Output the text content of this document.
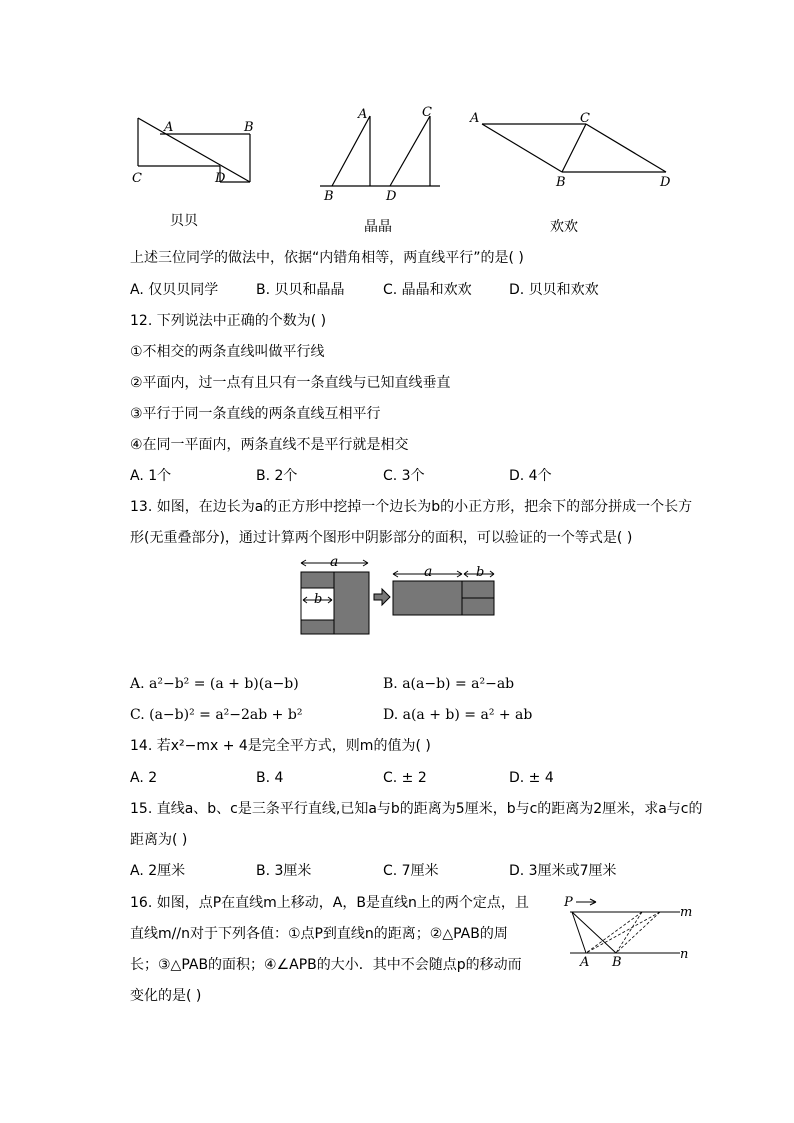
A	B
C	D
A	C
B	D
A	C
B	D
贝贝	晶晶	欢欢
上述三位同学的做法中，依据“内错角相等，两直线平行”的是( )
A. 仅贝贝同学	B. 贝贝和晶晶	C. 晶晶和欢欢	D. 贝贝和欢欢
12. 下列说法中正确的个数为( )
①不相交的两条直线叫做平行线
②平面内，过一点有且只有一条直线与已知直线垂直
③平行于同一条直线的两条直线互相平行
④在同一平面内，两条直线不是平行就是相交
A. 1个	B. 2个	C. 3个	D. 4个
13. 如图，在边长为a的正方形中挖掉一个边长为b的小正方形，把余下的部分拼成一个长方
形(无重叠部分)，通过计算两个图形中阴影部分的面积，可以验证的一个等式是( )
a
b
a	b
A. a²−b² = (a + b)(a−b)	B. a(a−b) = a²−ab
C. (a−b)² = a²−2ab + b²	D. a(a + b) = a² + ab
14. 若x²−mx + 4是完全平方式，则m的值为( )
A. 2	B. 4	C. ± 2	D. ± 4
15. 直线a、b、c是三条平行直线,已知a与b的距离为5厘米，b与c的距离为2厘米，求a与c的
距离为( )
A. 2厘米	B. 3厘米	C. 7厘米	D. 3厘米或7厘米
16. 如图，点P在直线m上移动，A，B是直线n上的两个定点，且
直线m//n对于下列各值：①点P到直线n的距离；②△PAB的周
长；③△PAB的面积；④∠APB的大小．其中不会随点p的移动而
变化的是( )
P
m
n
A B
